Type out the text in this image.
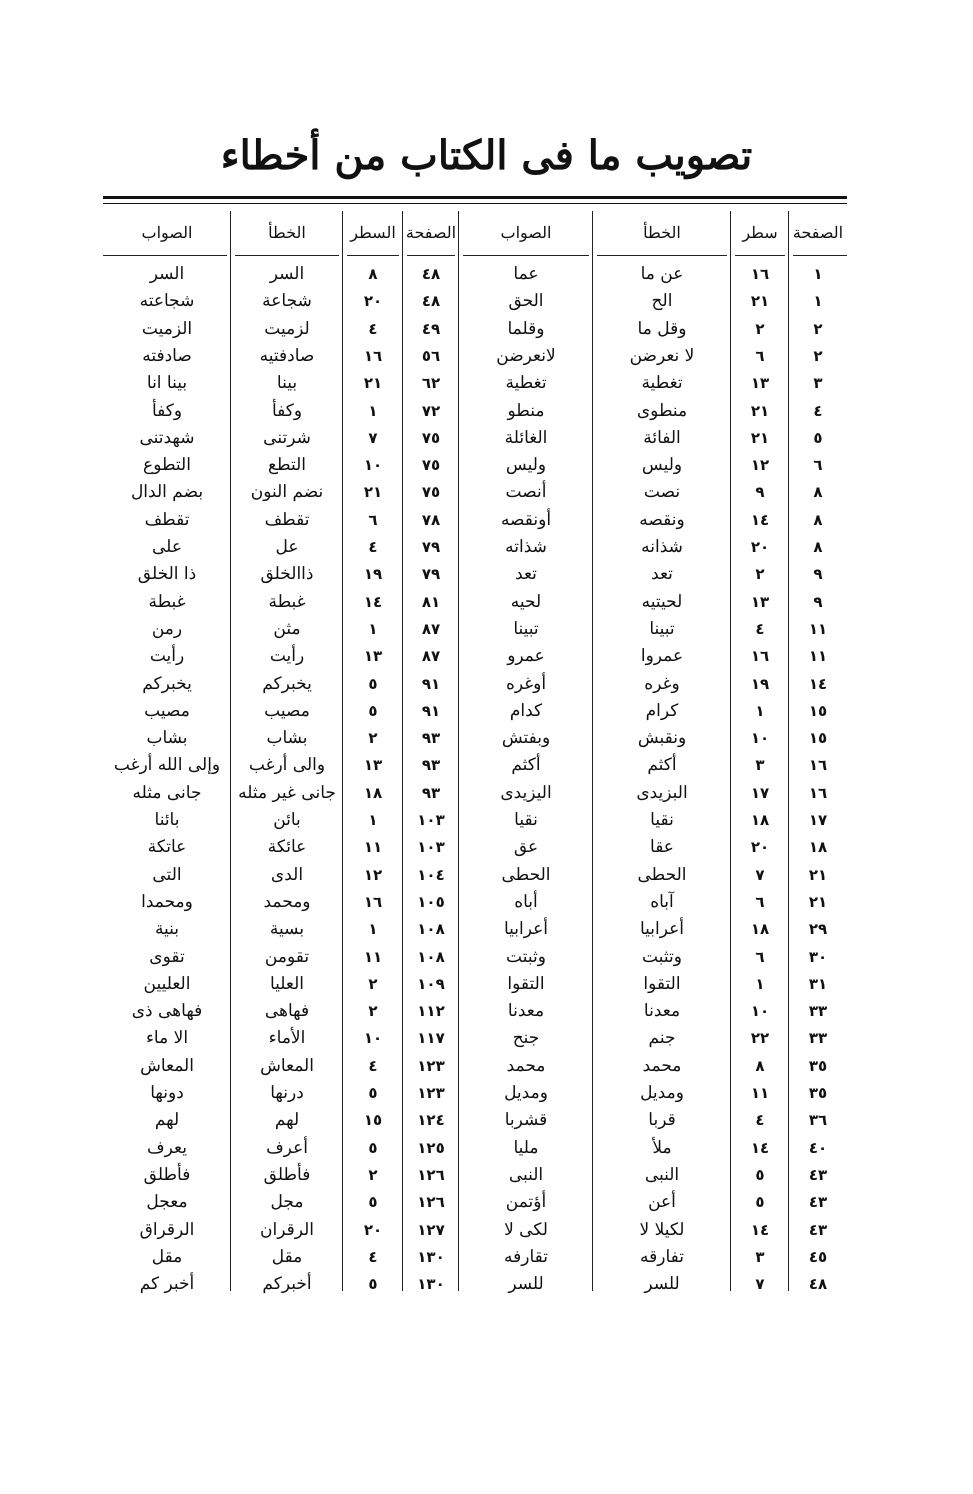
تصويب ما فى الكتاب من أخطاء
الصفحة
سطر
الخطأ
الصواب
١
١٦
عن ما
عما
١
٢١
الح
الحق
٢
٢
وقل ما
وقلما
٢
٦
لا نعرضن
لانعرضن
٣
١٣
تغطية
تغطية
٤
٢١
منطوى
منطو
٥
٢١
الفائة
الغائلة
٦
١٢
وليس
وليس
٨
٩
نصت
أنصت
٨
١٤
ونقصه
أونقصه
٨
٢٠
شذانه
شذاته
٩
٢
تعد
تعد
٩
١٣
لحيتيه
لحيه
١١
٤
تبينا
تبينا
١١
١٦
عمروا
عمرو
١٤
١٩
وغره
أوغره
١٥
١
كرام
كدام
١٥
١٠
ونقبش
وبفتش
١٦
٣
أكثم
أكثم
١٦
١٧
البزيدى
اليزيدى
١٧
١٨
نقيا
نقيا
١٨
٢٠
عقا
عق
٢١
٧
الحطى
الحطى
٢١
٦
آباه
أباه
٢٩
١٨
أعرابيا
أعرابيا
٣٠
٦
وتثبت
وثبتت
٣١
١
التقوا
التقوا
٣٣
١٠
معدنا
معدنا
٣٣
٢٢
جنم
جنح
٣٥
٨
محمد
محمد
٣٥
١١
ومديل
ومديل
٣٦
٤
قربا
قشربا
٤٠
١٤
ملأ
مليا
٤٣
٥
النبى
النبى
٤٣
٥
أعن
أؤتمن
٤٣
١٤
لكيلا لا
لكى لا
٤٥
٣
تفارقه
تقارفه
٤٨
٧
للسر
للسر
الصفحة
السطر
الخطأ
الصواب
٤٨
٨
السر
السر
٤٨
٢٠
شجاعة
شجاعته
٤٩
٤
لزميت
الزميت
٥٦
١٦
صادفتيه
صادفته
٦٢
٢١
بينا
بينا انا
٧٢
١
وكفأ
وكفأ
٧٥
٧
شرتنى
شهدتنى
٧٥
١٠
التطع
التطوع
٧٥
٢١
نضم النون
بضم الدال
٧٨
٦
تقطف
تقطف
٧٩
٤
عل
على
٧٩
١٩
ذاالخلق
ذا الخلق
٨١
١٤
غبطة
غبطة
٨٧
١
مثن
رمن
٨٧
١٣
رأيت
رأيت
٩١
٥
يخبركم
يخبركم
٩١
٥
مصيب
مصيب
٩٣
٢
بشاب
بشاب
٩٣
١٣
والى أرغب
وإلى الله أرغب
٩٣
١٨
جانى غير مثله
جانى مثله
١٠٣
١
بائن
بائنا
١٠٣
١١
عائكة
عاتكة
١٠٤
١٢
الدى
التى
١٠٥
١٦
ومحمد
ومحمدا
١٠٨
١
بسية
بنية
١٠٨
١١
تقومن
تقوى
١٠٩
٢
العليا
العليين
١١٢
٢
فهاهى
فهاهى ذى
١١٧
١٠
الأماء
الا ماء
١٢٣
٤
المعاش
المعاش
١٢٣
٥
درنها
دونها
١٢٤
١٥
لهم
لهم
١٢٥
٥
أعرف
يعرف
١٢٦
٢
فأطلق
فأطلق
١٢٦
٥
مجل
معجل
١٢٧
٢٠
الرقران
الرقراق
١٣٠
٤
مقل
مقل
١٣٠
٥
أخبركم
أخبر كم
